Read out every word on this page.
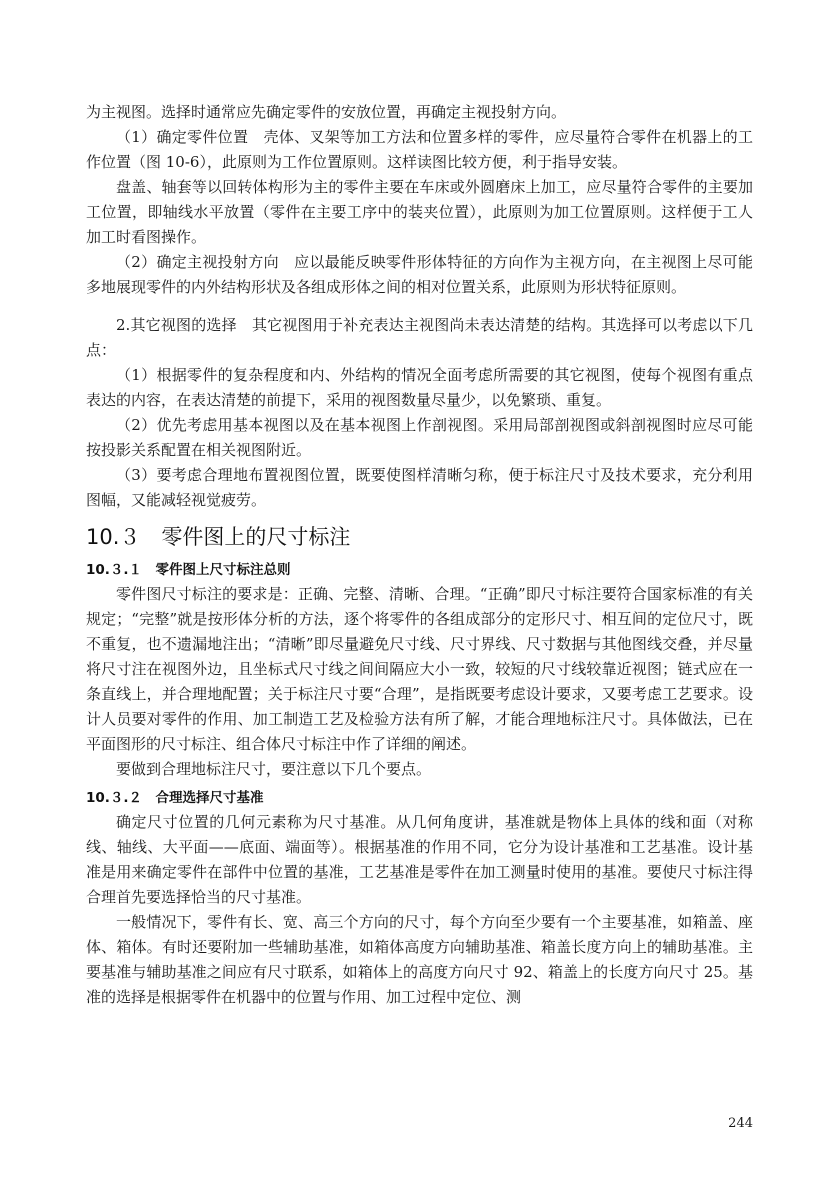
为主视图。选择时通常应先确定零件的安放位置，再确定主视投射方向。

（1）确定零件位置　壳体、叉架等加工方法和位置多样的零件，应尽量符合零件在机器上的工作位置（图 10-6），此原则为工作位置原则。这样读图比较方便，利于指导安装。

盘盖、轴套等以回转体构形为主的零件主要在车床或外圆磨床上加工，应尽量符合零件的主要加工位置，即轴线水平放置（零件在主要工序中的装夹位置），此原则为加工位置原则。这样便于工人加工时看图操作。

（2）确定主视投射方向　应以最能反映零件形体特征的方向作为主视方向，在主视图上尽可能多地展现零件的内外结构形状及各组成形体之间的相对位置关系，此原则为形状特征原则。

2.其它视图的选择　其它视图用于补充表达主视图尚未表达清楚的结构。其选择可以考虑以下几点：

（1）根据零件的复杂程度和内、外结构的情况全面考虑所需要的其它视图，使每个视图有重点表达的内容，在表达清楚的前提下，采用的视图数量尽量少，以免繁琐、重复。

（2）优先考虑用基本视图以及在基本视图上作剖视图。采用局部剖视图或斜剖视图时应尽可能按投影关系配置在相关视图附近。

（3）要考虑合理地布置视图位置，既要使图样清晰匀称，便于标注尺寸及技术要求，充分利用图幅，又能减轻视觉疲劳。

10.３　零件图上的尺寸标注
10.３.１　零件图上尺寸标注总则

零件图尺寸标注的要求是：正确、完整、清晰、合理。“正确”即尺寸标注要符合国家标准的有关规定；“完整”就是按形体分析的方法，逐个将零件的各组成部分的定形尺寸、相互间的定位尺寸，既不重复，也不遗漏地注出；“清晰”即尽量避免尺寸线、尺寸界线、尺寸数据与其他图线交叠，并尽量将尺寸注在视图外边，且坐标式尺寸线之间间隔应大小一致，较短的尺寸线较靠近视图；链式应在一条直线上，并合理地配置；关于标注尺寸要“合理”，是指既要考虑设计要求，又要考虑工艺要求。设计人员要对零件的作用、加工制造工艺及检验方法有所了解，才能合理地标注尺寸。具体做法，已在平面图形的尺寸标注、组合体尺寸标注中作了详细的阐述。

要做到合理地标注尺寸，要注意以下几个要点。

10.３.２　合理选择尺寸基准

确定尺寸位置的几何元素称为尺寸基准。从几何角度讲，基准就是物体上具体的线和面（对称线、轴线、大平面——底面、端面等）。根据基准的作用不同，它分为设计基准和工艺基准。设计基准是用来确定零件在部件中位置的基准，工艺基准是零件在加工测量时使用的基准。要使尺寸标注得合理首先要选择恰当的尺寸基准。

一般情况下，零件有长、宽、高三个方向的尺寸，每个方向至少要有一个主要基准，如箱盖、座体、箱体。有时还要附加一些辅助基准，如箱体高度方向辅助基准、箱盖长度方向上的辅助基准。主要基准与辅助基准之间应有尺寸联系，如箱体上的高度方向尺寸 92、箱盖上的长度方向尺寸 25。基准的选择是根据零件在机器中的位置与作用、加工过程中定位、测

244
